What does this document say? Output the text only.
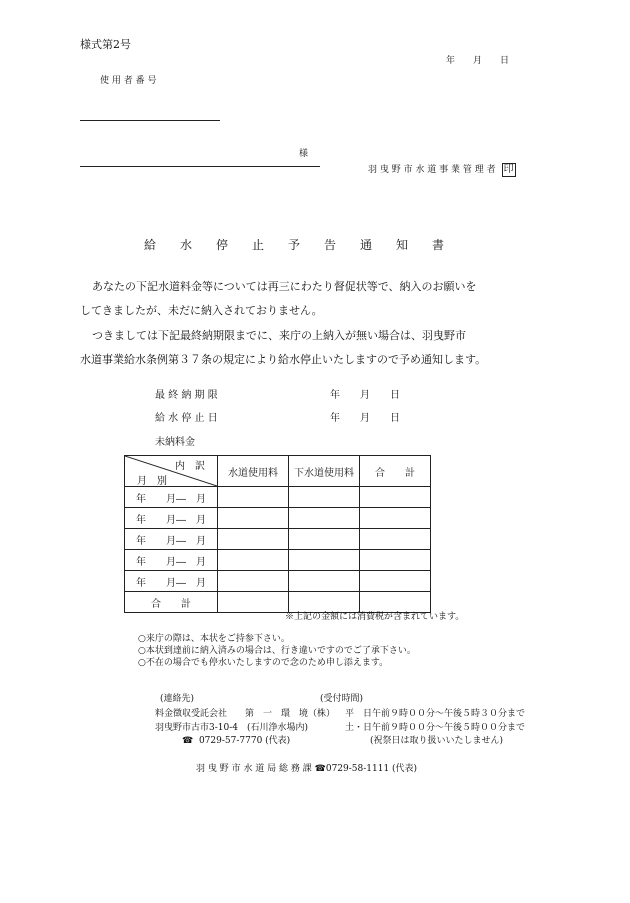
様式第2号
年　　月　　日
使 用 者 番 号
様
羽 曳 野 市 水 道 事 業 管 理 者 印
給　　水　　停　　止　　予　　告　　通　　知　　書
あなたの下記水道料金等については再三にわたり督促状等で、納入のお願いを
してきましたが、未だに納入されておりません。
つきましては下記最終納期限までに、来庁の上納入が無い場合は、羽曳野市
水道事業給水条例第３７条の規定により給水停止いたしますので予め通知します。
最 終 納 期 限	年　　月　　日
給 水 停 止 日	年　　月　　日
未納料金
内　訳
月　別	水道使用料	下水道使用料	合　　計
年　　月―　月			
年　　月―　月			
年　　月―　月			
年　　月―　月			
年　　月―　月			
合　　計			
※上記の金額には消費税が含まれています。
○来庁の際は、本状をご持参下さい。
○本状到達前に納入済みの場合は、行き違いですのでご了承下さい。
○不在の場合でも停水いたしますので念のため申し添えます。
(連絡先)	(受付時間)
料金徴収受託会社　　第　一　環　境（株） 平　日 午前９時００分～午後５時３０分まで
羽曳野市古市3-10-4　(石川浄水場内)	土・日 午前９時００分～午後５時００分まで
☎ 0729-57-7770 (代表)	(祝祭日は取り扱いいたしません)
羽 曳 野 市 水 道 局 総 務 課 ☎0729-58-1111 (代表)
